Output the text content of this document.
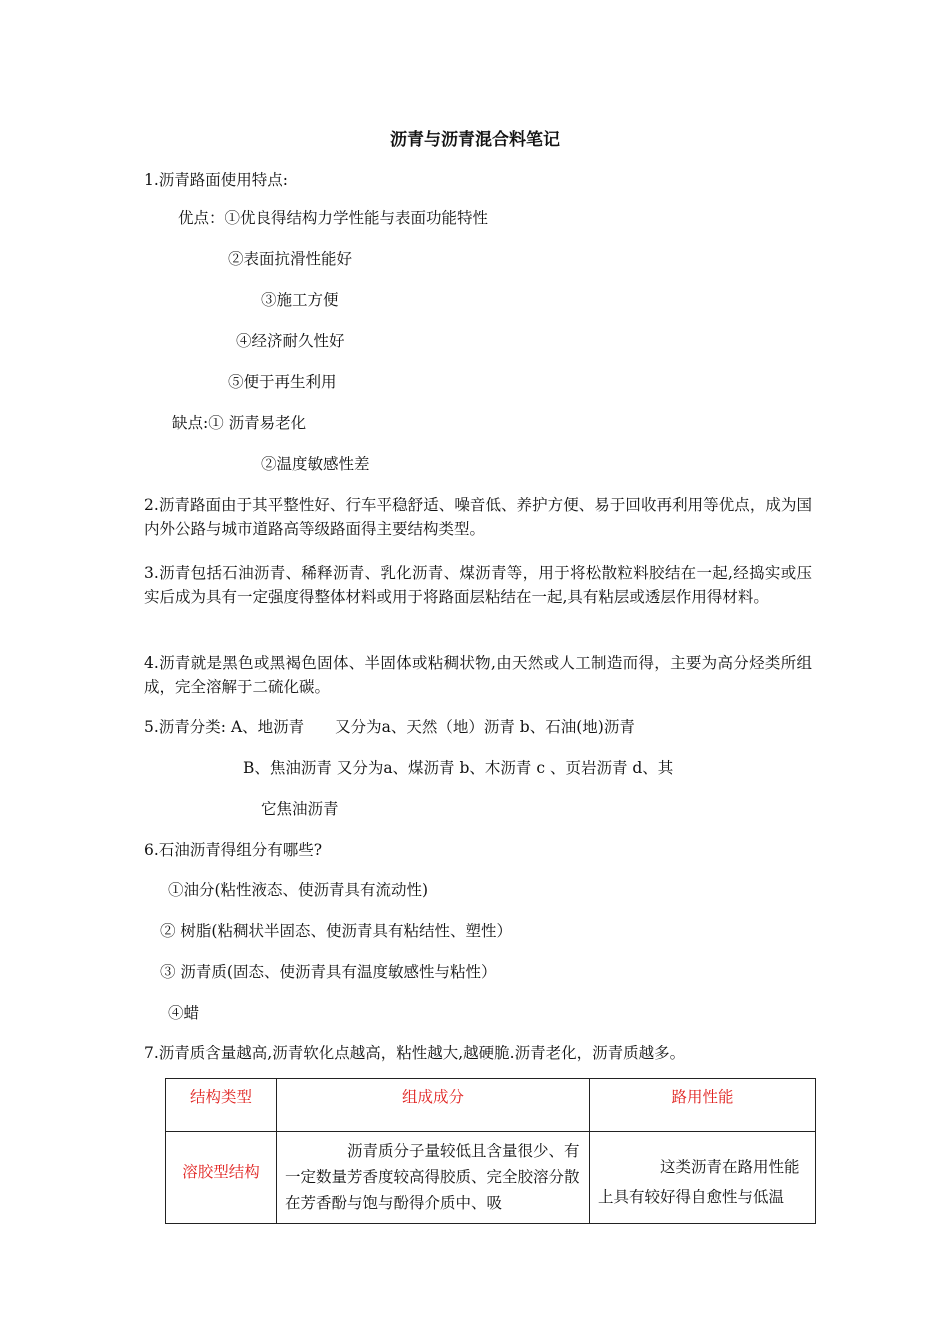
沥青与沥青混合料笔记
1.沥青路面使用特点:
优点：①优良得结构力学性能与表面功能特性
②表面抗滑性能好
③施工方便
④经济耐久性好
⑤便于再生利用
缺点:① 沥青易老化
②温度敏感性差
2.沥青路面由于其平整性好、行车平稳舒适、噪音低、养护方便、易于回收再利用等优点，成为国内外公路与城市道路高等级路面得主要结构类型。
3.沥青包括石油沥青、稀释沥青、乳化沥青、煤沥青等，用于将松散粒料胶结在一起,经捣实或压实后成为具有一定强度得整体材料或用于将路面层粘结在一起,具有粘层或透层作用得材料。
4.沥青就是黑色或黑褐色固体、半固体或粘稠状物,由天然或人工制造而得，主要为高分烃类所组成，完全溶解于二硫化碳。
5.沥青分类: A、地沥青　　又分为a、天然（地）沥青 b、石油(地)沥青
B、焦油沥青 又分为a、煤沥青 b、木沥青 c 、页岩沥青 d、其
它焦油沥青
6.石油沥青得组分有哪些?
①油分(粘性液态、使沥青具有流动性)
② 树脂(粘稠状半固态、使沥青具有粘结性、塑性）
③ 沥青质(固态、使沥青具有温度敏感性与粘性）
④蜡
7.沥青质含量越高,沥青软化点越高，粘性越大,越硬脆.沥青老化，沥青质越多。
结构类型	组成成分	路用性能
溶胶型结构	沥青质分子量较低且含量很少、有一定数量芳香度较高得胶质、完全胶溶分散在芳香酚与饱与酚得介质中、吸	这类沥青在路用性能上具有较好得自愈性与低温
